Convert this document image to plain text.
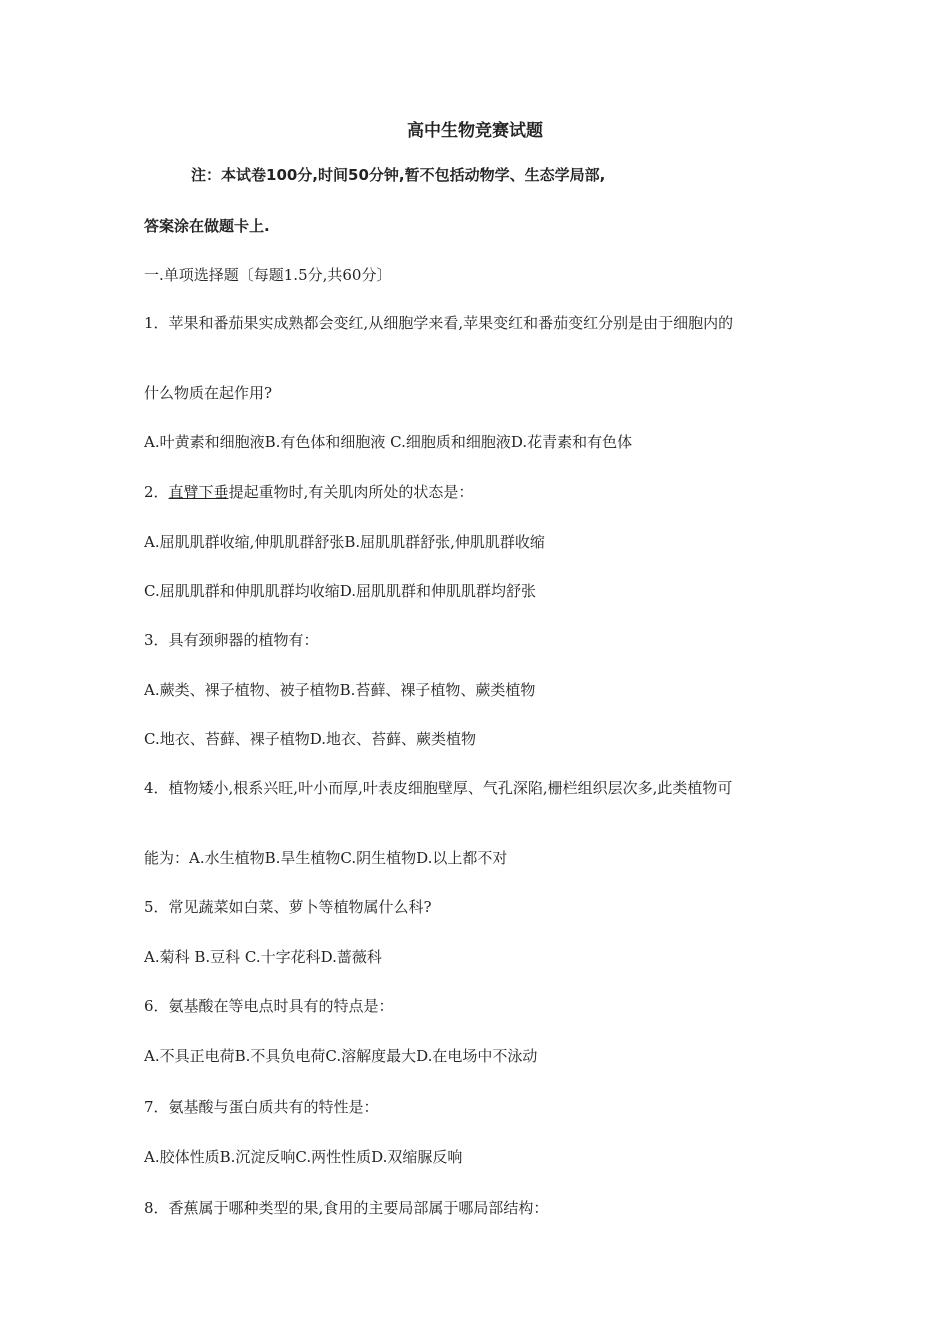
高中生物竞赛试题
注：本试卷100分,时间50分钟,暂不包括动物学、生态学局部,
答案涂在做题卡上.
一.单项选择题〔每题1.5分,共60分〕
1．苹果和番茄果实成熟都会变红,从细胞学来看,苹果变红和番茄变红分别是由于细胞内的
什么物质在起作用?
A.叶黄素和细胞液B.有色体和细胞液 C.细胞质和细胞液D.花青素和有色体
2．直臂下垂提起重物时,有关肌肉所处的状态是：
A.屈肌肌群收缩,伸肌肌群舒张B.屈肌肌群舒张,伸肌肌群收缩
C.屈肌肌群和伸肌肌群均收缩D.屈肌肌群和伸肌肌群均舒张
3．具有颈卵器的植物有：
A.蕨类、裸子植物、被子植物B.苔藓、裸子植物、蕨类植物
C.地衣、苔藓、裸子植物D.地衣、苔藓、蕨类植物
4．植物矮小,根系兴旺,叶小而厚,叶表皮细胞壁厚、气孔深陷,栅栏组织层次多,此类植物可
能为：A.水生植物B.旱生植物C.阴生植物D.以上都不对
5．常见蔬菜如白菜、萝卜等植物属什么科?
A.菊科 B.豆科 C.十字花科D.蔷薇科
6．氨基酸在等电点时具有的特点是：
A.不具正电荷B.不具负电荷C.溶解度最大D.在电场中不泳动
7．氨基酸与蛋白质共有的特性是：
A.胶体性质B.沉淀反响C.两性性质D.双缩脲反响
8．香蕉属于哪种类型的果,食用的主要局部属于哪局部结构：
